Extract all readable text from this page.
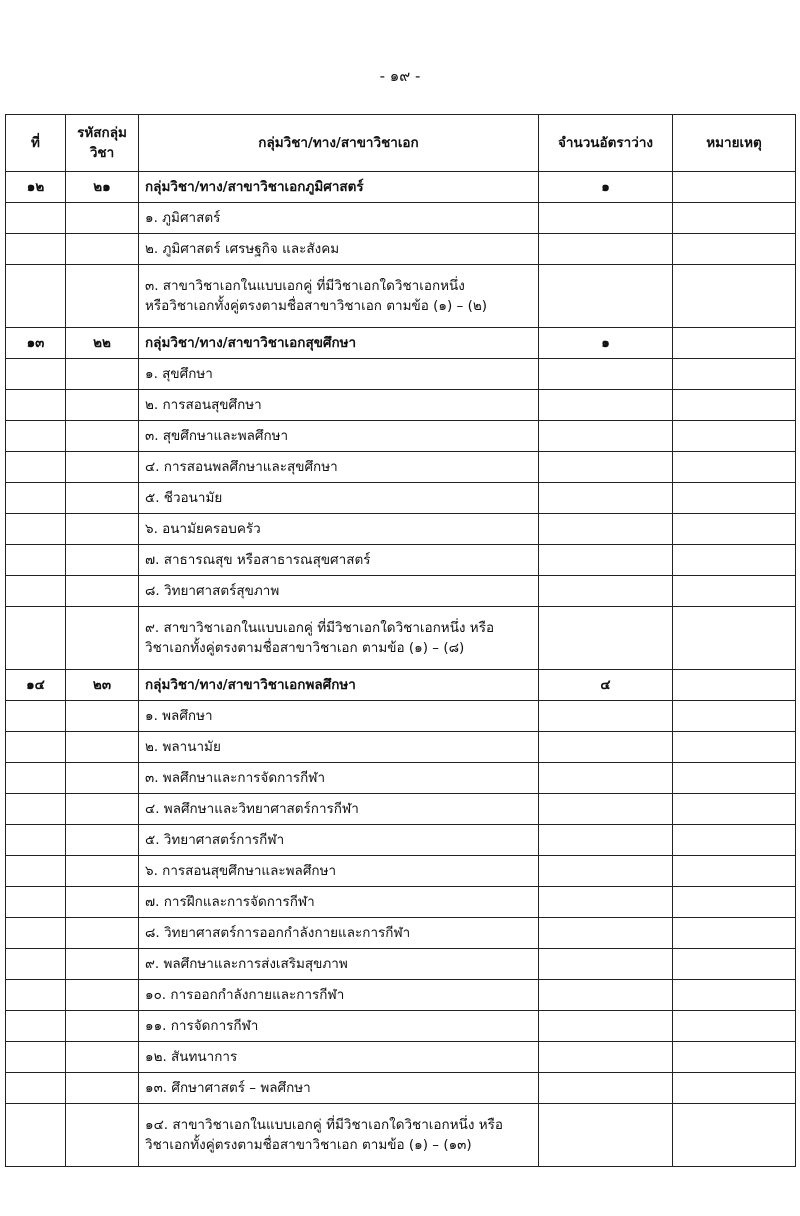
- ๑๙ -
ที่	รหัสกลุ่มวิชา	กลุ่มวิชา/ทาง/สาขาวิชาเอก	จำนวนอัตราว่าง	หมายเหตุ
๑๒	๒๑	กลุ่มวิชา/ทาง/สาขาวิชาเอกภูมิศาสตร์	๑	

		๑. ภูมิศาสตร์		

		๒. ภูมิศาสตร์ เศรษฐกิจ และสังคม		

		๓. สาขาวิชาเอกในแบบเอกคู่ ที่มีวิชาเอกใดวิชาเอกหนึ่ง
หรือวิชาเอกทั้งคู่ตรงตามชื่อสาขาวิชาเอก ตามข้อ (๑) – (๒)		

๑๓	๒๒	กลุ่มวิชา/ทาง/สาขาวิชาเอกสุขศึกษา	๑	

		๑. สุขศึกษา		

		๒. การสอนสุขศึกษา		

		๓. สุขศึกษาและพลศึกษา		

		๔. การสอนพลศึกษาและสุขศึกษา		

		๕. ชีวอนามัย		

		๖. อนามัยครอบครัว		

		๗. สาธารณสุข หรือสาธารณสุขศาสตร์		

		๘. วิทยาศาสตร์สุขภาพ		

		๙. สาขาวิชาเอกในแบบเอกคู่ ที่มีวิชาเอกใดวิชาเอกหนึ่ง หรือ
วิชาเอกทั้งคู่ตรงตามชื่อสาขาวิชาเอก ตามข้อ (๑) – (๘)		

๑๔	๒๓	กลุ่มวิชา/ทาง/สาขาวิชาเอกพลศึกษา	๔	

		๑. พลศึกษา		

		๒. พลานามัย		

		๓. พลศึกษาและการจัดการกีฬา		

		๔. พลศึกษาและวิทยาศาสตร์การกีฬา		

		๕. วิทยาศาสตร์การกีฬา		

		๖. การสอนสุขศึกษาและพลศึกษา		

		๗. การฝึกและการจัดการกีฬา		

		๘. วิทยาศาสตร์การออกกำลังกายและการกีฬา		

		๙. พลศึกษาและการส่งเสริมสุขภาพ		

		๑๐. การออกกำลังกายและการกีฬา		

		๑๑. การจัดการกีฬา		

		๑๒. สันทนาการ		

		๑๓. ศึกษาศาสตร์ – พลศึกษา		

		๑๔. สาขาวิชาเอกในแบบเอกคู่ ที่มีวิชาเอกใดวิชาเอกหนึ่ง หรือ
วิชาเอกทั้งคู่ตรงตามชื่อสาขาวิชาเอก ตามข้อ (๑) – (๑๓)		
